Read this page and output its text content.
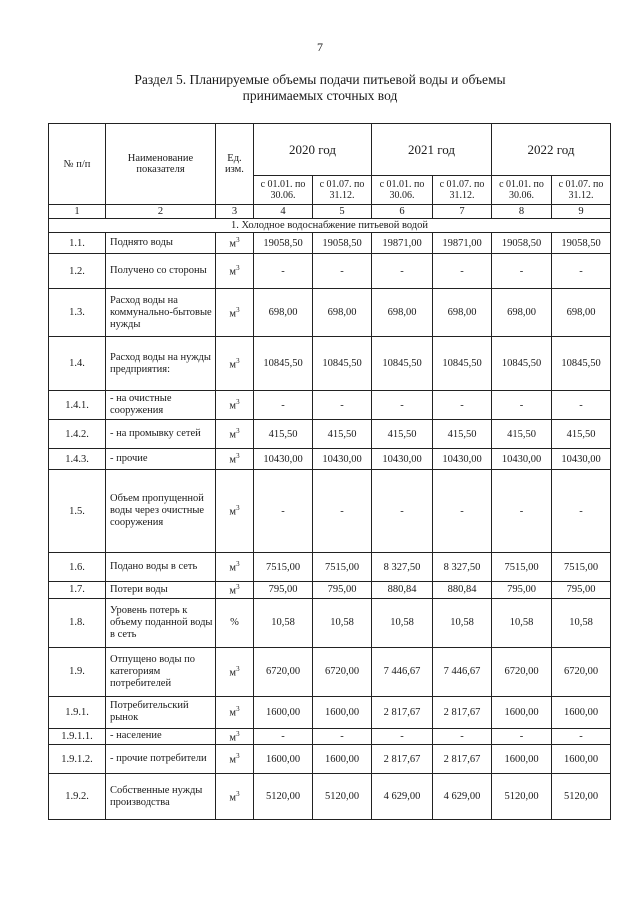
7
Раздел 5. Планируемые объемы подачи питьевой воды и объемы
принимаемых сточных вод
№ п/п	Наименование показателя	Ед. изм.	2020 год		2021 год		2022 год	
			с 01.01. по 30.06.	с 01.07. по 31.12.	с 01.01. по 30.06.	с 01.07. по 31.12.	с 01.01. по 30.06.	с 01.07. по 31.12.
1	2	3	4	5	6	7	8	9
1. Холодное водоснабжение питьевой водой								
1.1.	Поднято воды	$м^3$	19058,50	19058,50	19871,00	19871,00	19058,50	19058,50
1.2.	Получено со стороны	$м^3$	-	-	-	-	-	-
1.3.	Расход воды на коммунально-бытовые нужды	$м^3$	698,00	698,00	698,00	698,00	698,00	698,00
1.4.	Расход воды на нужды предприятия:	$м^3$	10845,50	10845,50	10845,50	10845,50	10845,50	10845,50
1.4.1.	- на очистные сооружения	$м^3$	-	-	-	-	-	-
1.4.2.	- на промывку сетей	$м^3$	415,50	415,50	415,50	415,50	415,50	415,50
1.4.3.	- прочие	$м^3$	10430,00	10430,00	10430,00	10430,00	10430,00	10430,00
1.5.	Объем пропущенной воды через очистные сооружения	$м^3$	-	-	-	-	-	-
1.6.	Подано воды в сеть	$м^3$	7515,00	7515,00	8 327,50	8 327,50	7515,00	7515,00
1.7.	Потери воды	$м^3$	795,00	795,00	880,84	880,84	795,00	795,00
1.8.	Уровень потерь к объему поданной воды в сеть	%	10,58	10,58	10,58	10,58	10,58	10,58
1.9.	Отпущено воды по категориям потребителей	$м^3$	6720,00	6720,00	7 446,67	7 446,67	6720,00	6720,00
1.9.1.	Потребительский рынок	$м^3$	1600,00	1600,00	2 817,67	2 817,67	1600,00	1600,00
1.9.1.1.	- население	$м^3$	-	-	-	-	-	-
1.9.1.2.	- прочие потребители	$м^3$	1600,00	1600,00	2 817,67	2 817,67	1600,00	1600,00
1.9.2.	Собственные нужды производства	$м^3$	5120,00	5120,00	4 629,00	4 629,00	5120,00	5120,00
